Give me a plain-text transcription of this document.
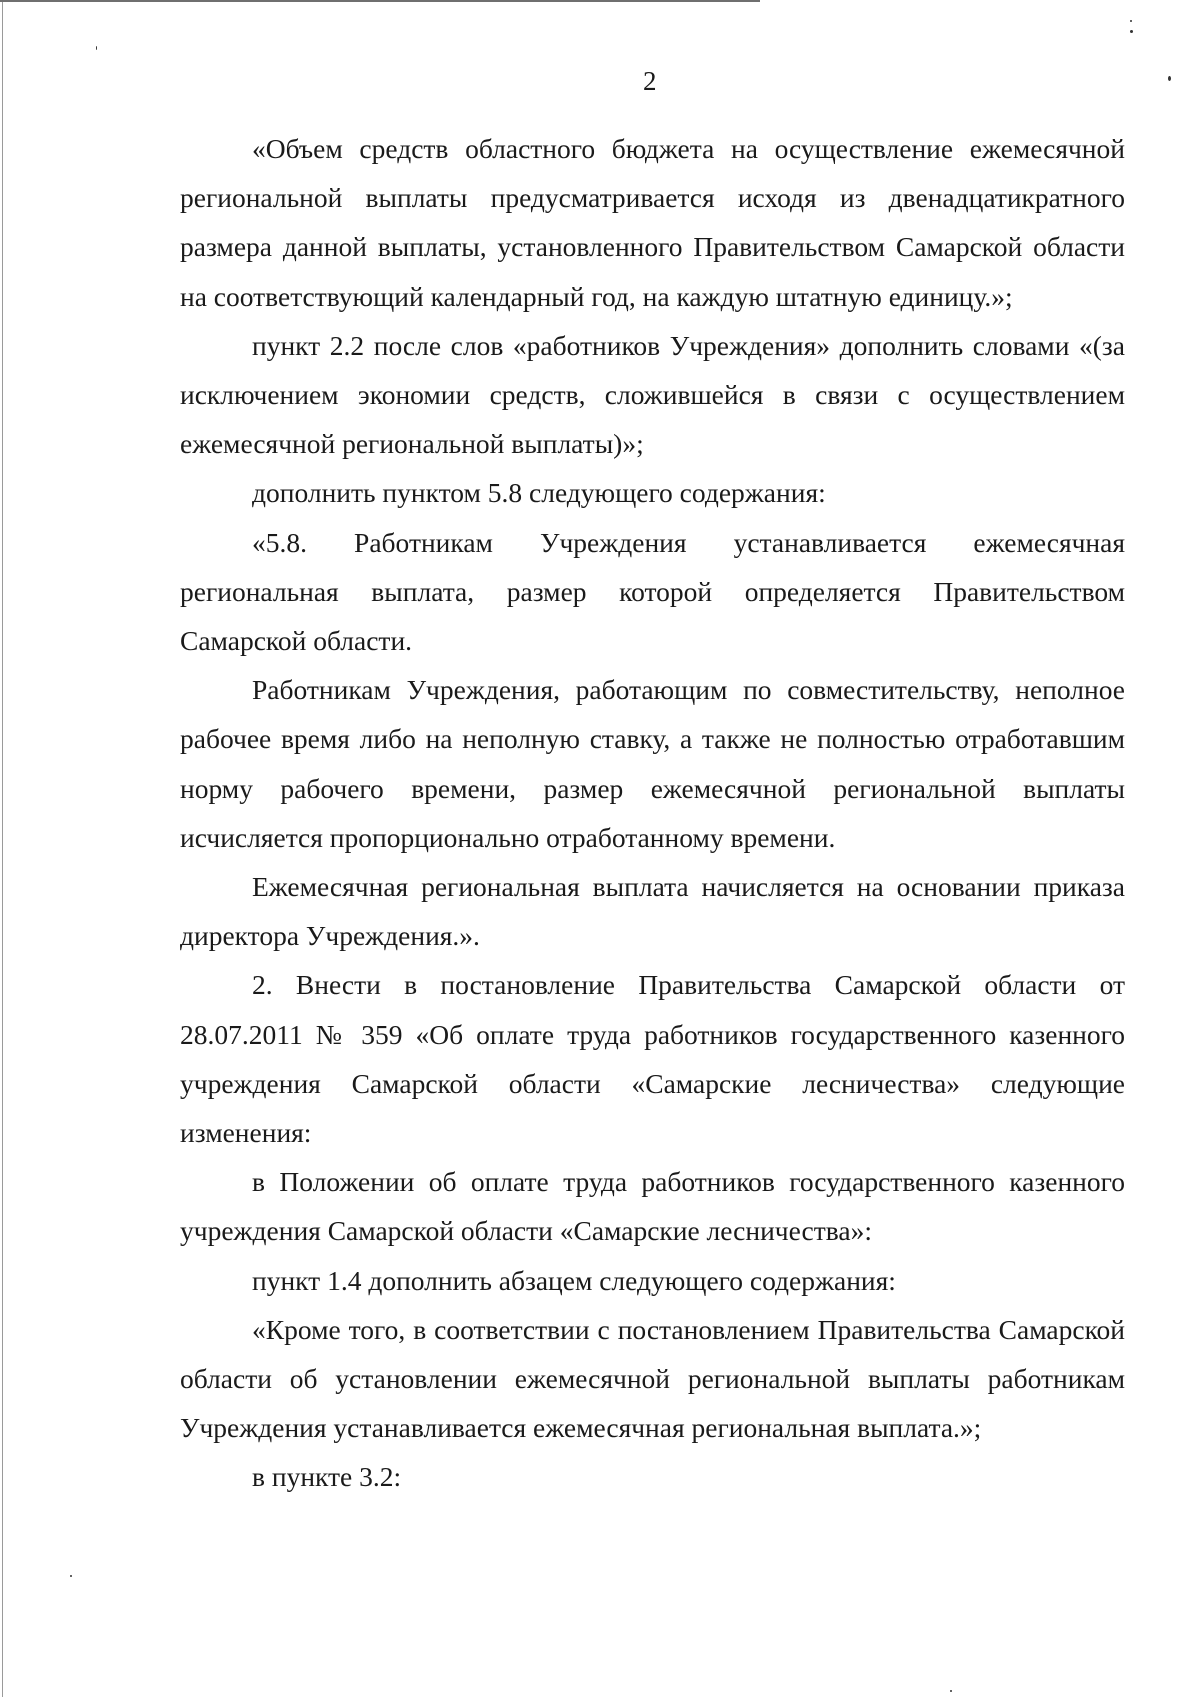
2

«Объем средств областного бюджета на осуществление ежемесячной региональной выплаты предусматривается исходя из двенадцатикратного размера данной выплаты, установленного Правительством Самарской области на соответствующий календарный год, на каждую штатную единицу.»;

пункт 2.2 после слов «работников Учреждения» дополнить словами «(за исключением экономии средств, сложившейся в связи с осуществлением ежемесячной региональной выплаты)»;

дополнить пунктом 5.8 следующего содержания:

«5.8. Работникам Учреждения устанавливается ежемесячная региональная выплата, размер которой определяется Правительством Самарской области.

Работникам Учреждения, работающим по совместительству, неполное рабочее время либо на неполную ставку, а также не полностью отработавшим норму рабочего времени, размер ежемесячной региональной выплаты исчисляется пропорционально отработанному времени.

Ежемесячная региональная выплата начисляется на основании приказа директора Учреждения.».

2. Внести в постановление Правительства Самарской области от 28.07.2011 № 359 «Об оплате труда работников государственного казенного учреждения Самарской области «Самарские лесничества» следующие изменения:

в Положении об оплате труда работников государственного казенного учреждения Самарской области «Самарские лесничества»:

пункт 1.4 дополнить абзацем следующего содержания:

«Кроме того, в соответствии с постановлением Правительства Самарской области об установлении ежемесячной региональной выплаты работникам Учреждения устанавливается ежемесячная региональная выплата.»;

в пункте 3.2:
